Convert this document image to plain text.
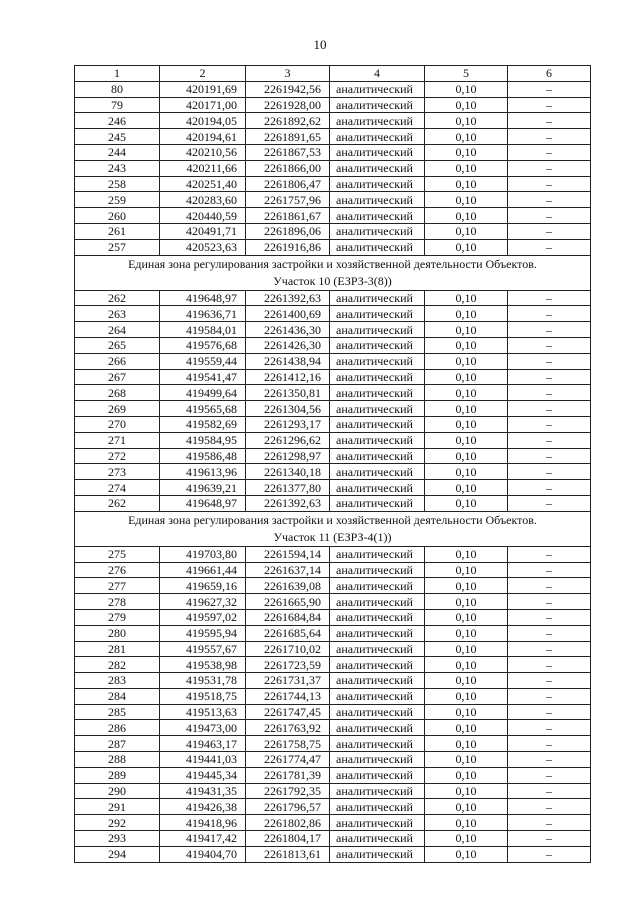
10
1	2	3	4	5	6
80	420191,69	2261942,56	аналитический	0,10	–
79	420171,00	2261928,00	аналитический	0,10	–
246	420194,05	2261892,62	аналитический	0,10	–
245	420194,61	2261891,65	аналитический	0,10	–
244	420210,56	2261867,53	аналитический	0,10	–
243	420211,66	2261866,00	аналитический	0,10	–
258	420251,40	2261806,47	аналитический	0,10	–
259	420283,60	2261757,96	аналитический	0,10	–
260	420440,59	2261861,67	аналитический	0,10	–
261	420491,71	2261896,06	аналитический	0,10	–
257	420523,63	2261916,86	аналитический	0,10	–
Единая зона регулирования застройки и хозяйственной деятельности Объектов.					
Участок 10 (ЕЗРЗ-3(8))					
262	419648,97	2261392,63	аналитический	0,10	–
263	419636,71	2261400,69	аналитический	0,10	–
264	419584,01	2261436,30	аналитический	0,10	–
265	419576,68	2261426,30	аналитический	0,10	–
266	419559,44	2261438,94	аналитический	0,10	–
267	419541,47	2261412,16	аналитический	0,10	–
268	419499,64	2261350,81	аналитический	0,10	–
269	419565,68	2261304,56	аналитический	0,10	–
270	419582,69	2261293,17	аналитический	0,10	–
271	419584,95	2261296,62	аналитический	0,10	–
272	419586,48	2261298,97	аналитический	0,10	–
273	419613,96	2261340,18	аналитический	0,10	–
274	419639,21	2261377,80	аналитический	0,10	–
262	419648,97	2261392,63	аналитический	0,10	–
Единая зона регулирования застройки и хозяйственной деятельности Объектов.					
Участок 11 (ЕЗРЗ-4(1))					
275	419703,80	2261594,14	аналитический	0,10	–
276	419661,44	2261637,14	аналитический	0,10	–
277	419659,16	2261639,08	аналитический	0,10	–
278	419627,32	2261665,90	аналитический	0,10	–
279	419597,02	2261684,84	аналитический	0,10	–
280	419595,94	2261685,64	аналитический	0,10	–
281	419557,67	2261710,02	аналитический	0,10	–
282	419538,98	2261723,59	аналитический	0,10	–
283	419531,78	2261731,37	аналитический	0,10	–
284	419518,75	2261744,13	аналитический	0,10	–
285	419513,63	2261747,45	аналитический	0,10	–
286	419473,00	2261763,92	аналитический	0,10	–
287	419463,17	2261758,75	аналитический	0,10	–
288	419441,03	2261774,47	аналитический	0,10	–
289	419445,34	2261781,39	аналитический	0,10	–
290	419431,35	2261792,35	аналитический	0,10	–
291	419426,38	2261796,57	аналитический	0,10	–
292	419418,96	2261802,86	аналитический	0,10	–
293	419417,42	2261804,17	аналитический	0,10	–
294	419404,70	2261813,61	аналитический	0,10	–
